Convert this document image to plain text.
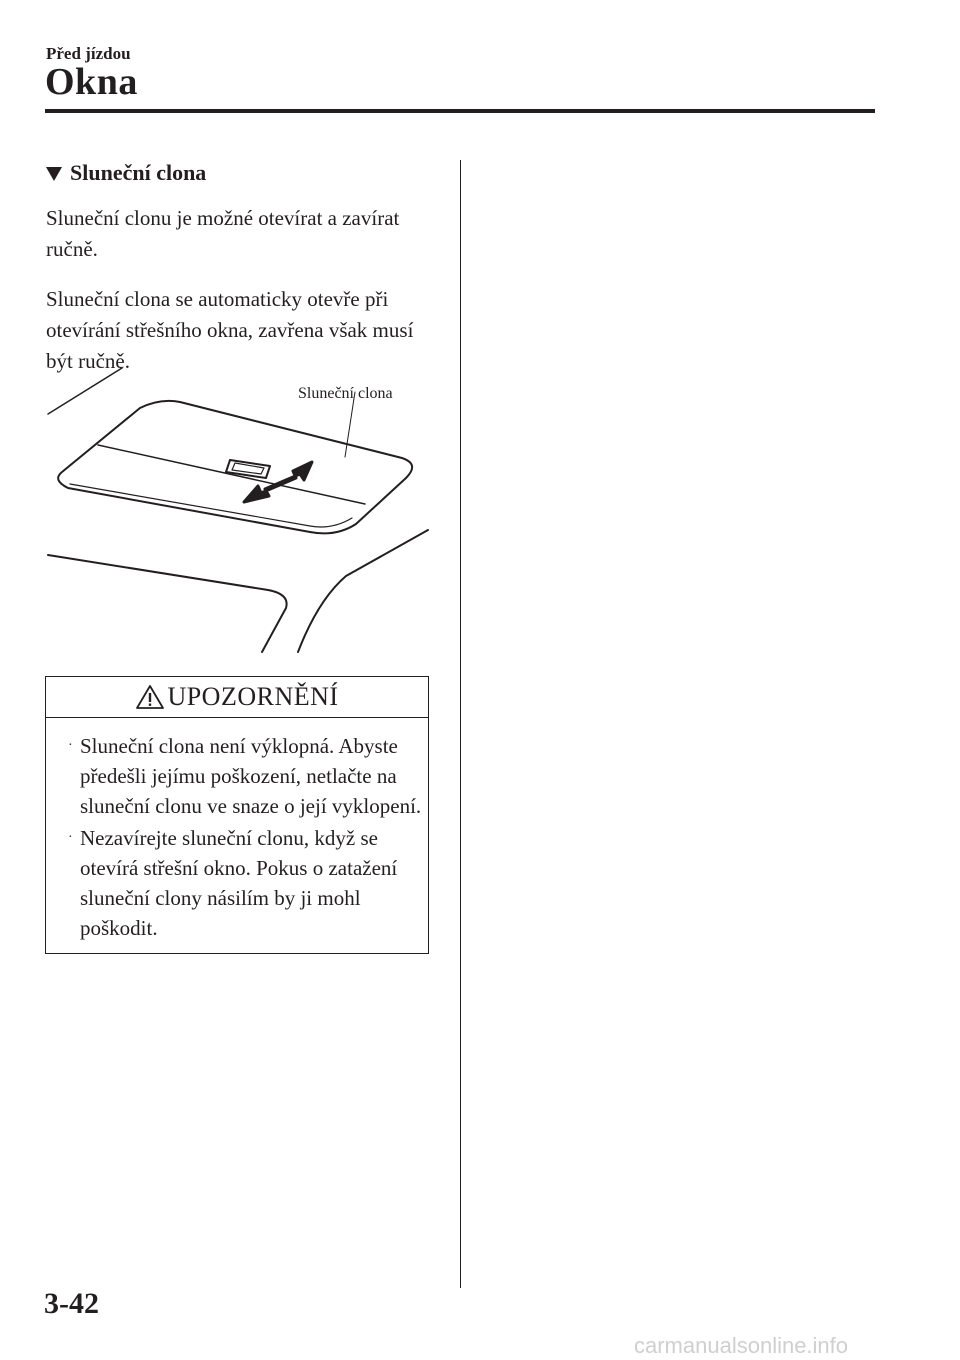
Před jízdou
Okna
Sluneční clona

Sluneční clonu je možné otevírat a zavírat ručně.

Sluneční clona se automaticky otevře při otevírání střešního okna, zavřena však musí být ručně.

Sluneční clona
UPOZORNĚNÍ
· Sluneční clona není výklopná. Abyste předešli jejímu poškození, netlačte na sluneční clonu ve snaze o její vyklopení.
· Nezavírejte sluneční clonu, když se otevírá střešní okno. Pokus o zatažení sluneční clony násilím by ji mohl poškodit.
3-42
carmanualsonline.info
